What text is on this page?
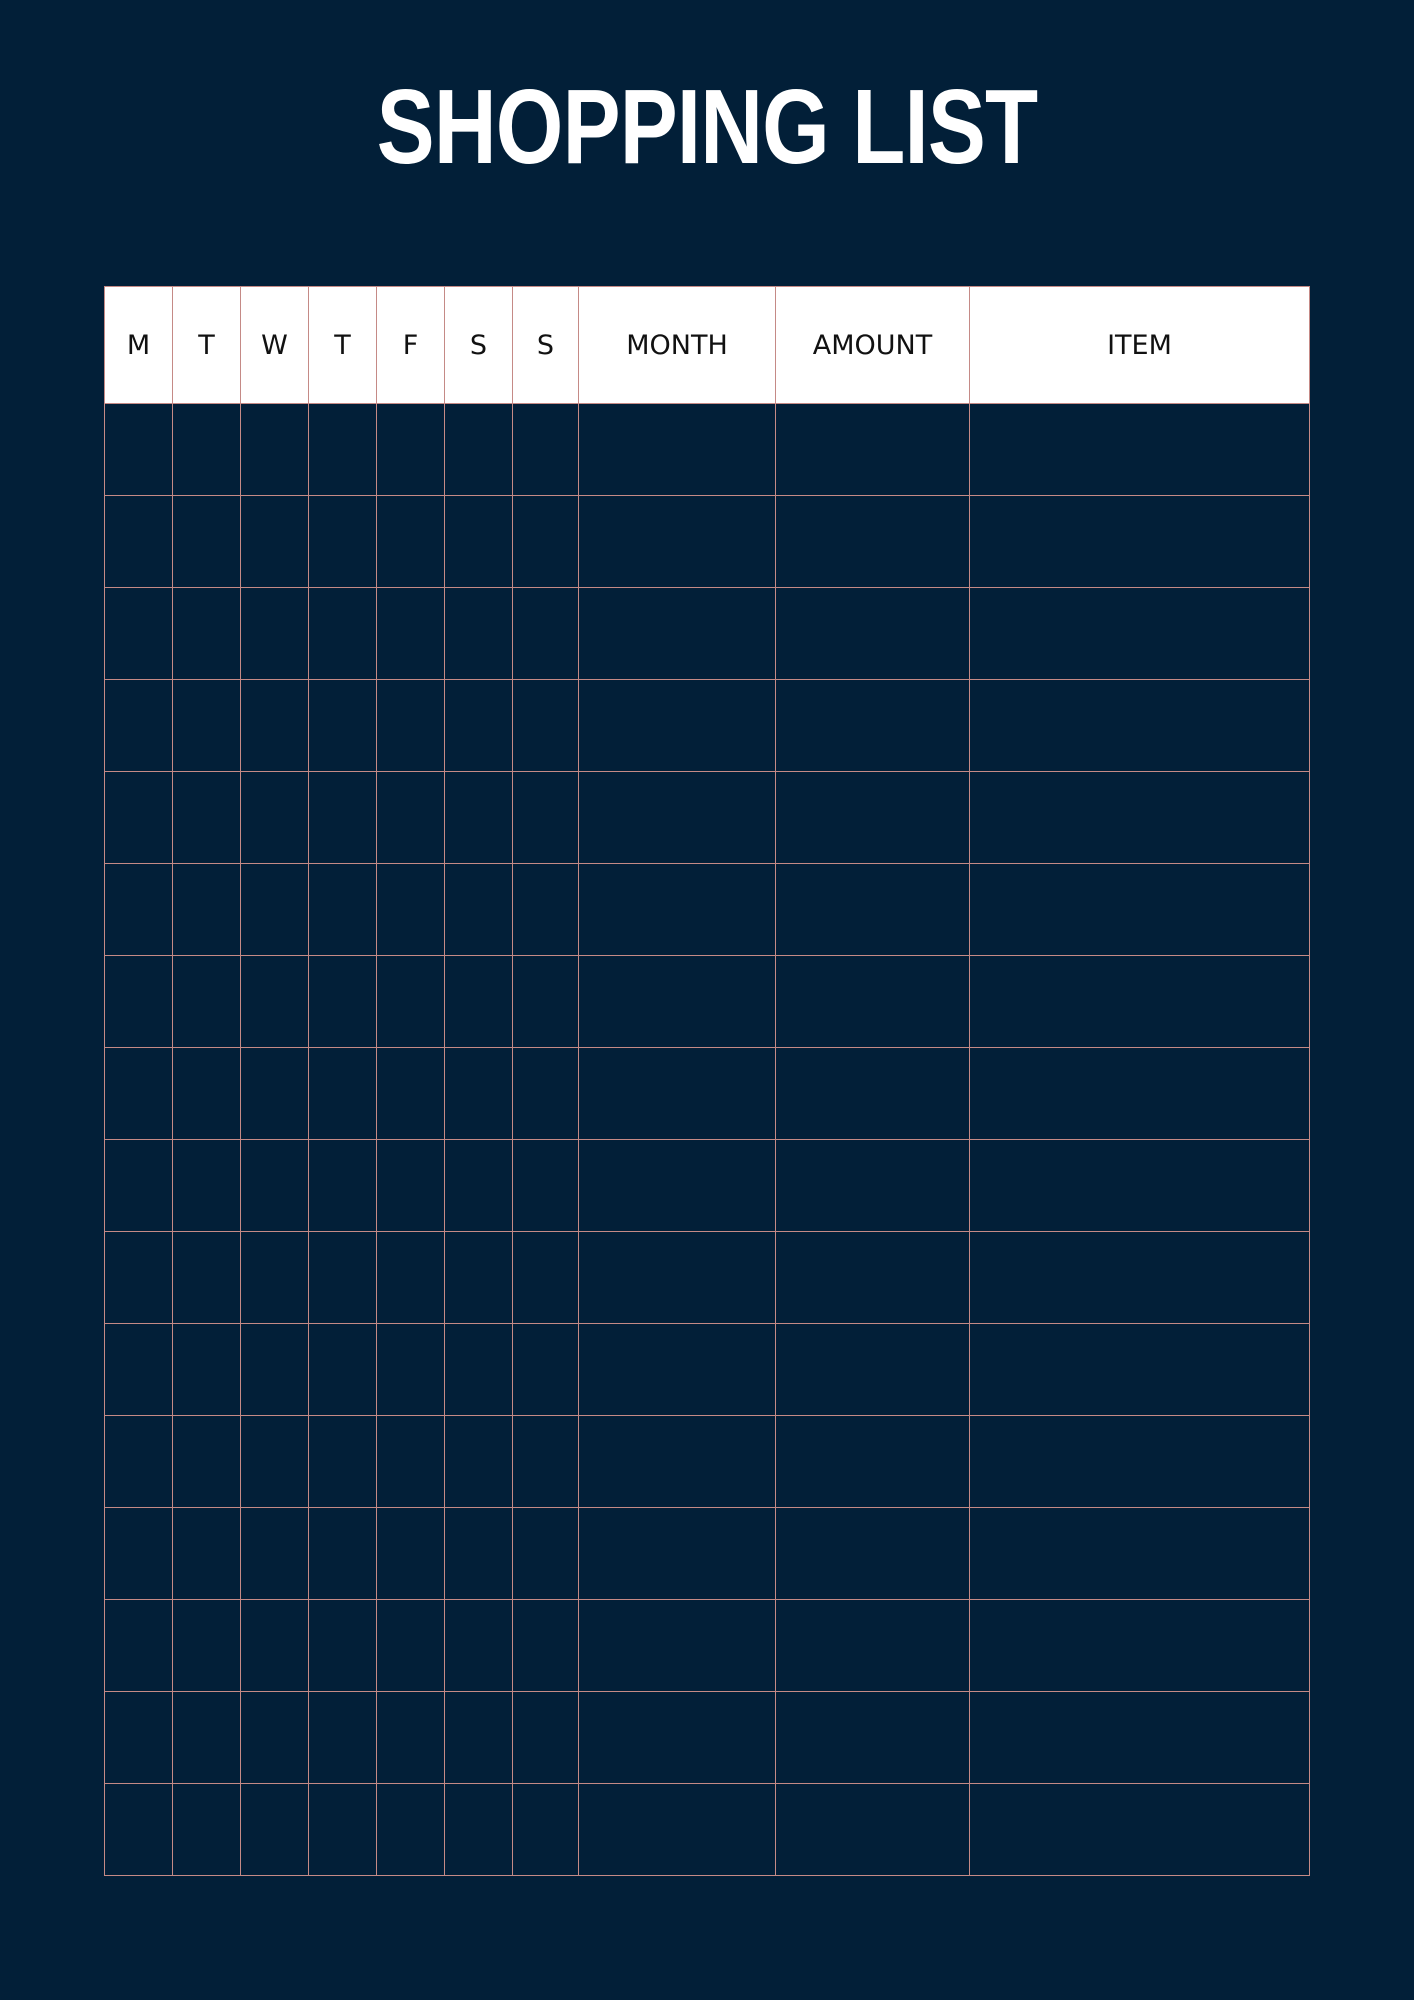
SHOPPING LIST
M	T	W	T	F	S	S	MONTH	AMOUNT	ITEM
